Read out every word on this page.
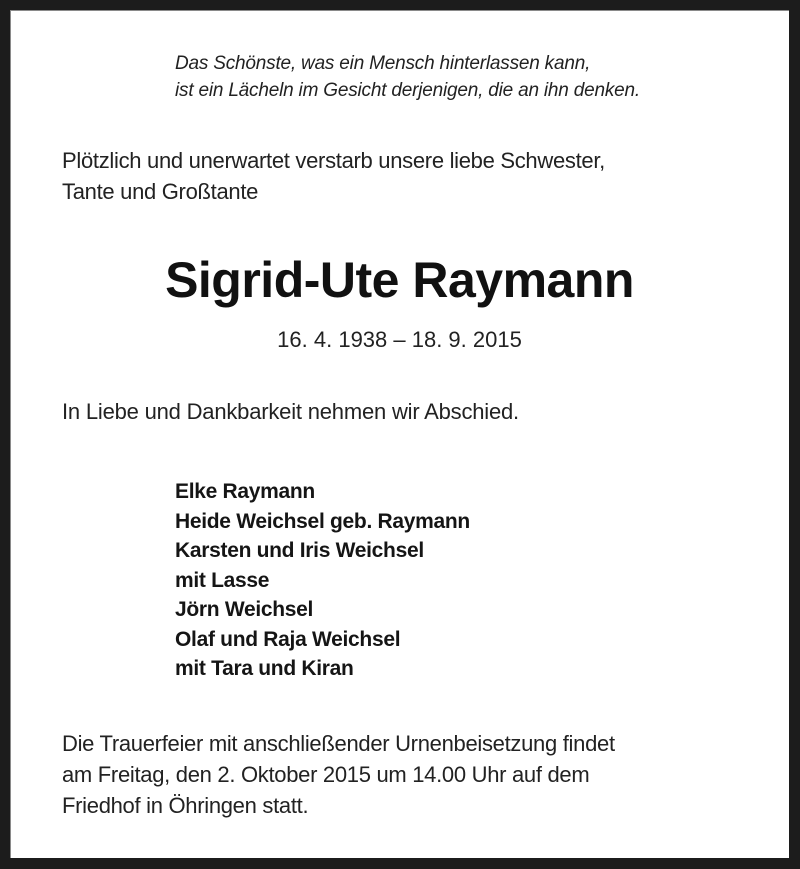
Das Schönste, was ein Mensch hinterlassen kann,
ist ein Lächeln im Gesicht derjenigen, die an ihn denken.
Plötzlich und unerwartet verstarb unsere liebe Schwester,
Tante und Großtante
Sigrid-Ute Raymann
16. 4. 1938 – 18. 9. 2015
In Liebe und Dankbarkeit nehmen wir Abschied.
Elke Raymann
Heide Weichsel geb. Raymann
Karsten und Iris Weichsel
mit Lasse
Jörn Weichsel
Olaf und Raja Weichsel
mit Tara und Kiran
Die Trauerfeier mit anschließender Urnenbeisetzung findet
am Freitag, den 2. Oktober 2015 um 14.00 Uhr auf dem
Friedhof in Öhringen statt.
